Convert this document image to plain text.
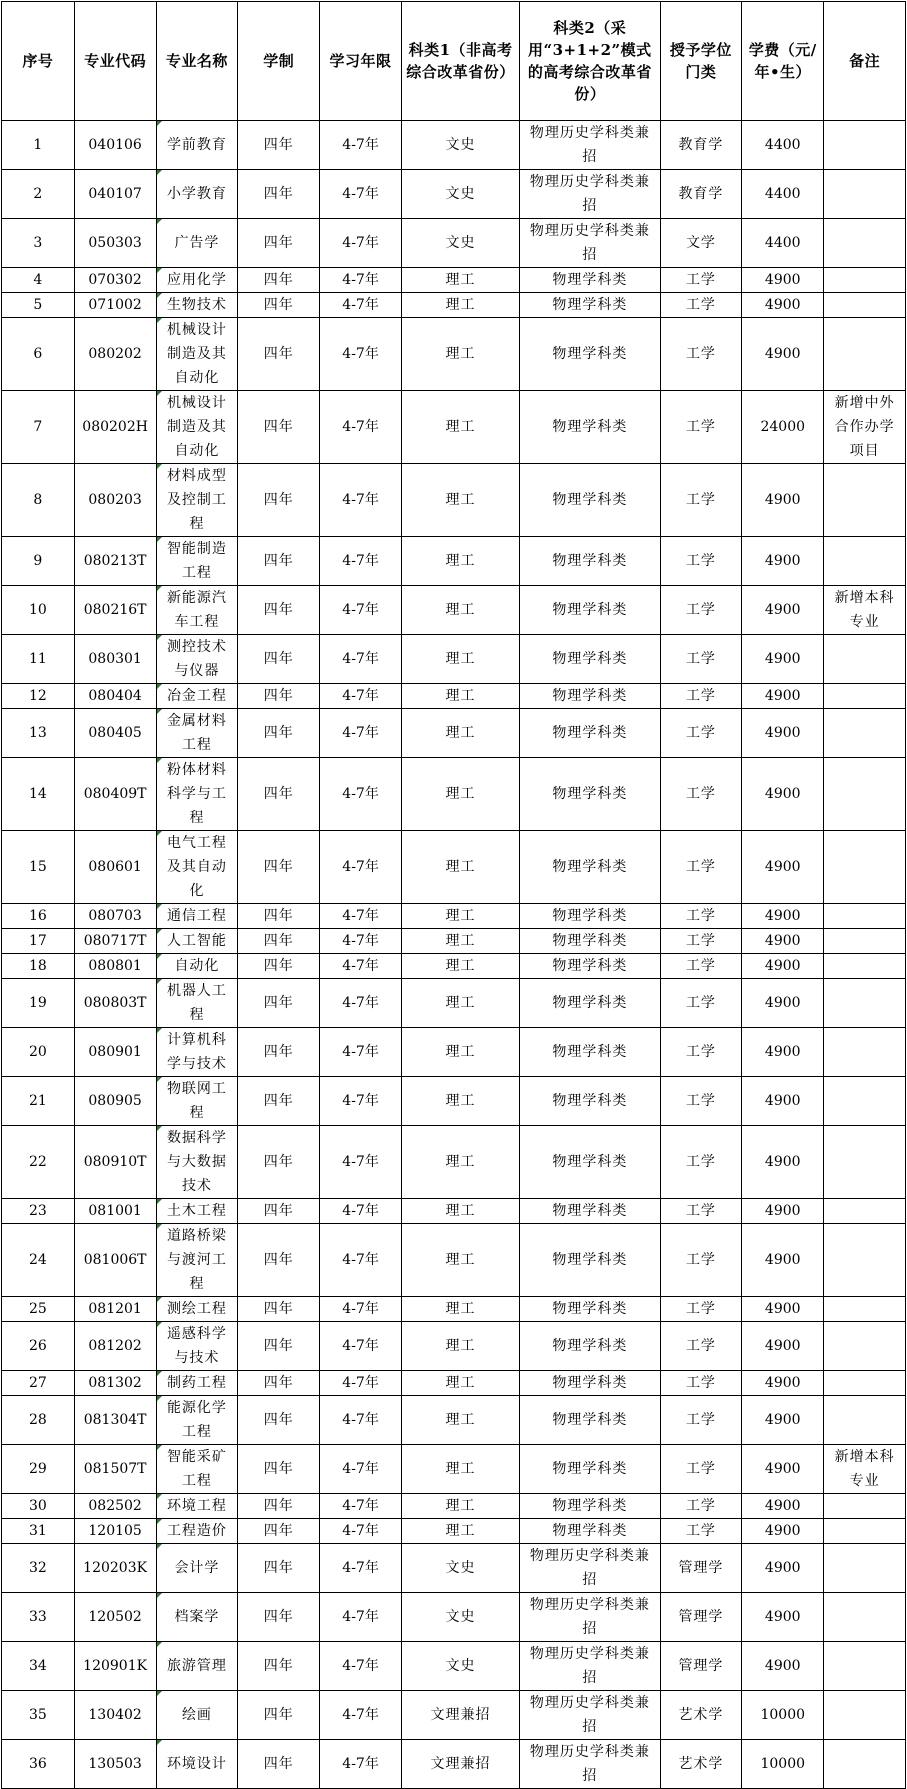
序号	专业代码	专业名称	学制	学习年限	科类1（非高考综合改革省份）	科类2（采用“3+1+2”模式的高考综合改革省份）	授予学位门类	学费（元/年•生）	备注
1	040106	学前教育	四年	4-7年	文史	物理历史学科类兼招	教育学	4400	
2	040107	小学教育	四年	4-7年	文史	物理历史学科类兼招	教育学	4400	
3	050303	广告学	四年	4-7年	文史	物理历史学科类兼招	文学	4400	
4	070302	应用化学	四年	4-7年	理工	物理学科类	工学	4900	
5	071002	生物技术	四年	4-7年	理工	物理学科类	工学	4900	
6	080202	机械设计制造及其自动化	四年	4-7年	理工	物理学科类	工学	4900	
7	080202H	机械设计制造及其自动化	四年	4-7年	理工	物理学科类	工学	24000	新增中外合作办学项目
8	080203	材料成型及控制工程	四年	4-7年	理工	物理学科类	工学	4900	
9	080213T	智能制造工程	四年	4-7年	理工	物理学科类	工学	4900	
10	080216T	新能源汽车工程	四年	4-7年	理工	物理学科类	工学	4900	新增本科专业
11	080301	测控技术与仪器	四年	4-7年	理工	物理学科类	工学	4900	
12	080404	冶金工程	四年	4-7年	理工	物理学科类	工学	4900	
13	080405	金属材料工程	四年	4-7年	理工	物理学科类	工学	4900	
14	080409T	粉体材料科学与工程	四年	4-7年	理工	物理学科类	工学	4900	
15	080601	电气工程及其自动化	四年	4-7年	理工	物理学科类	工学	4900	
16	080703	通信工程	四年	4-7年	理工	物理学科类	工学	4900	
17	080717T	人工智能	四年	4-7年	理工	物理学科类	工学	4900	
18	080801	自动化	四年	4-7年	理工	物理学科类	工学	4900	
19	080803T	机器人工程	四年	4-7年	理工	物理学科类	工学	4900	
20	080901	计算机科学与技术	四年	4-7年	理工	物理学科类	工学	4900	
21	080905	物联网工程	四年	4-7年	理工	物理学科类	工学	4900	
22	080910T	数据科学与大数据技术	四年	4-7年	理工	物理学科类	工学	4900	
23	081001	土木工程	四年	4-7年	理工	物理学科类	工学	4900	
24	081006T	道路桥梁与渡河工程	四年	4-7年	理工	物理学科类	工学	4900	
25	081201	测绘工程	四年	4-7年	理工	物理学科类	工学	4900	
26	081202	遥感科学与技术	四年	4-7年	理工	物理学科类	工学	4900	
27	081302	制药工程	四年	4-7年	理工	物理学科类	工学	4900	
28	081304T	能源化学工程	四年	4-7年	理工	物理学科类	工学	4900	
29	081507T	智能采矿工程	四年	4-7年	理工	物理学科类	工学	4900	新增本科专业
30	082502	环境工程	四年	4-7年	理工	物理学科类	工学	4900	
31	120105	工程造价	四年	4-7年	理工	物理学科类	工学	4900	
32	120203K	会计学	四年	4-7年	文史	物理历史学科类兼招	管理学	4900	
33	120502	档案学	四年	4-7年	文史	物理历史学科类兼招	管理学	4900	
34	120901K	旅游管理	四年	4-7年	文史	物理历史学科类兼招	管理学	4900	
35	130402	绘画	四年	4-7年	文理兼招	物理历史学科类兼招	艺术学	10000	
36	130503	环境设计	四年	4-7年	文理兼招	物理历史学科类兼招	艺术学	10000	
